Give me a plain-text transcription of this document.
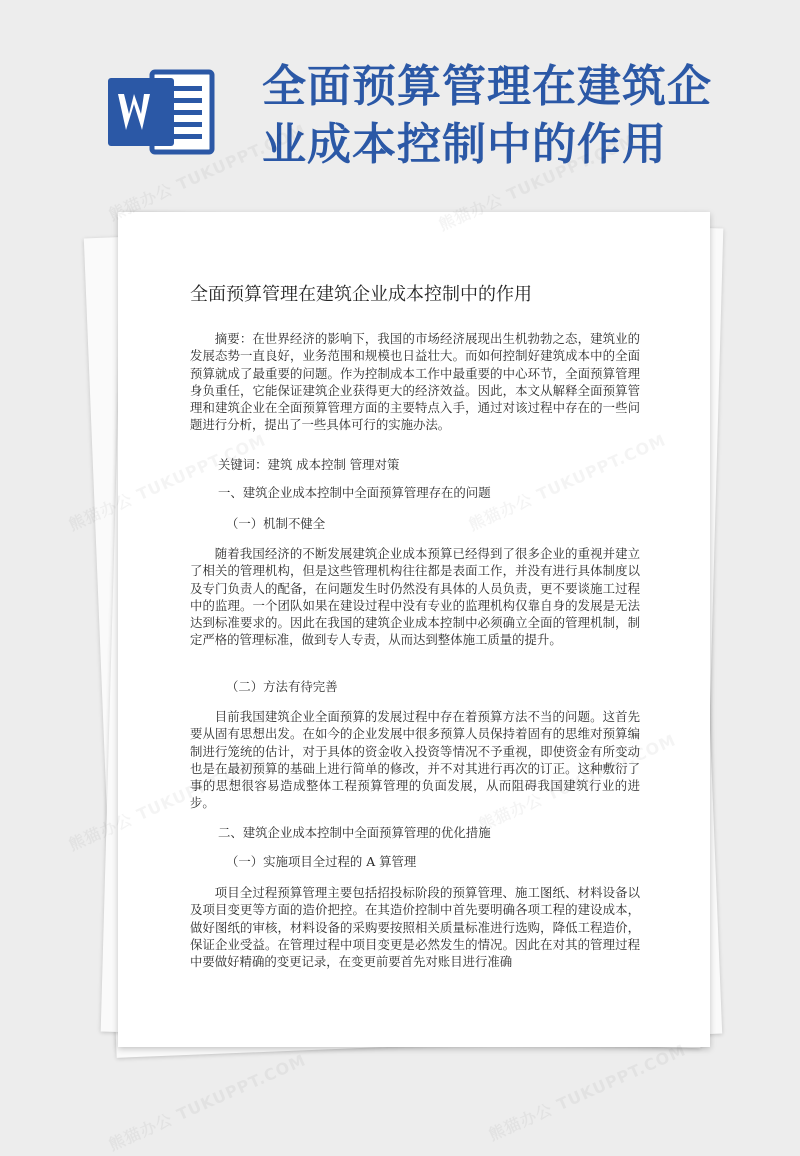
全面预算管理在建筑企
业成本控制中的作用
全面预算管理在建筑企业成本控制中的作用

摘要：在世界经济的影响下，我国的市场经济展现出生机勃勃之态，建筑业的发展态势一直良好，业务范围和规模也日益壮大。而如何控制好建筑成本中的全面预算就成了最重要的问题。作为控制成本工作中最重要的中心环节，全面预算管理身负重任，它能保证建筑企业获得更大的经济效益。因此，本文从解释全面预算管理和建筑企业在全面预算管理方面的主要特点入手，通过对该过程中存在的一些问题进行分析，提出了一些具体可行的实施办法。

关键词：建筑 成本控制 管理对策

一、建筑企业成本控制中全面预算管理存在的问题

（一）机制不健全

随着我国经济的不断发展建筑企业成本预算已经得到了很多企业的重视并建立了相关的管理机构，但是这些管理机构往往都是表面工作，并没有进行具体制度以及专门负责人的配备，在问题发生时仍然没有具体的人员负责，更不要谈施工过程中的监理。一个团队如果在建设过程中没有专业的监理机构仅靠自身的发展是无法达到标准要求的。因此在我国的建筑企业成本控制中必须确立全面的管理机制，制定严格的管理标准，做到专人专责，从而达到整体施工质量的提升。

（二）方法有待完善

目前我国建筑企业全面预算的发展过程中存在着预算方法不当的问题。这首先要从固有思想出发。在如今的企业发展中很多预算人员保持着固有的思维对预算编制进行笼统的估计，对于具体的资金收入投资等情况不予重视，即使资金有所变动也是在最初预算的基础上进行简单的修改，并不对其进行再次的订正。这种敷衍了事的思想很容易造成整体工程预算管理的负面发展，从而阻碍我国建筑行业的进步。

二、建筑企业成本控制中全面预算管理的优化措施

（一）实施项目全过程的 A 算管理

项目全过程预算管理主要包括招投标阶段的预算管理、施工图纸、材料设备以及项目变更等方面的造价把控。在其造价控制中首先要明确各项工程的建设成本，做好图纸的审核，材料设备的采购要按照相关质量标准进行选购，降低工程造价，保证企业受益。在管理过程中项目变更是必然发生的情况。因此在对其的管理过程中要做好精确的变更记录，在变更前要首先对账目进行准确
